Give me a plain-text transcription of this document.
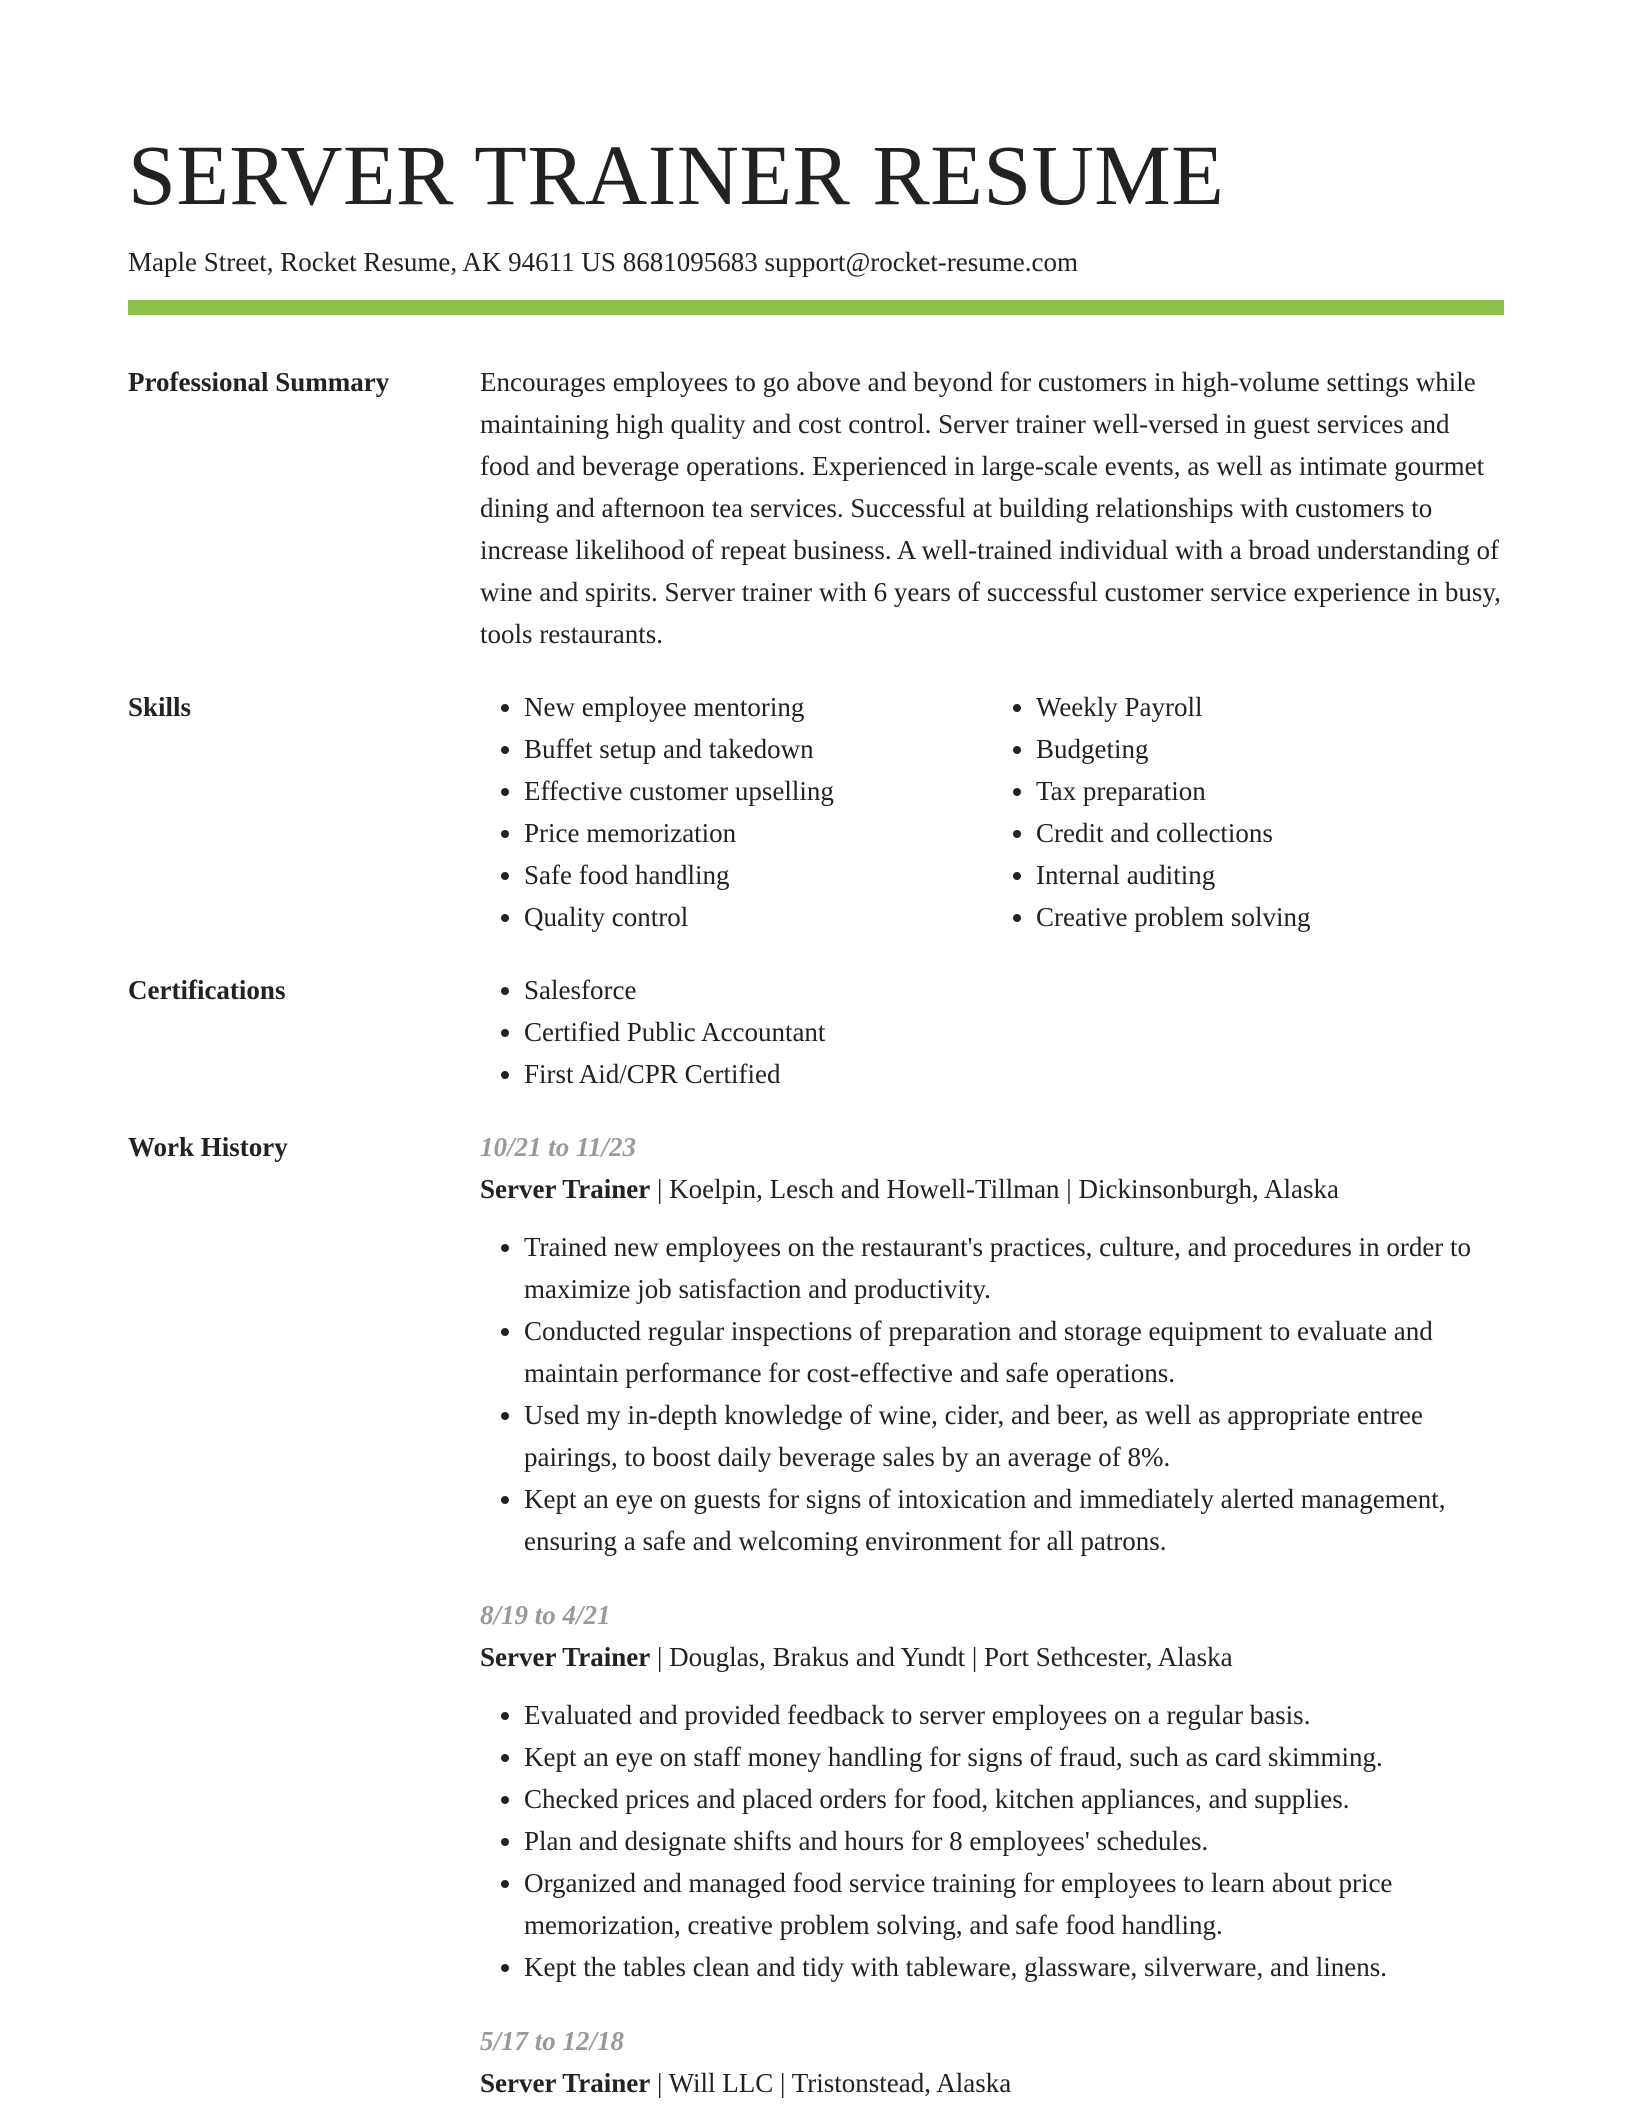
SERVER TRAINER RESUME
Maple Street, Rocket Resume, AK 94611 US 8681095683 support@rocket-resume.com
Professional Summary	Encourages employees to go above and beyond for customers in high-volume settings while maintaining high quality and cost control. Server trainer well-versed in guest services and food and beverage operations. Experienced in large-scale events, as well as intimate gourmet dining and afternoon tea services. Successful at building relationships with customers to increase likelihood of repeat business. A well-trained individual with a broad understanding of wine and spirits. Server trainer with 6 years of successful customer service experience in busy, tools restaurants.

Skills	• New employee mentoring
• Buffet setup and takedown
• Effective customer upselling
• Price memorization
• Safe food handling
• Quality control
• Weekly Payroll
• Budgeting
• Tax preparation
• Credit and collections
• Internal auditing
• Creative problem solving
Certifications	• Salesforce
• Certified Public Accountant
• First Aid/CPR Certified
Work History	10/21 to 11/23
Server Trainer | Koelpin, Lesch and Howell-Tillman | Dickinsonburgh, Alaska
• Trained new employees on the restaurant's practices, culture, and procedures in order to maximize job satisfaction and productivity.
• Conducted regular inspections of preparation and storage equipment to evaluate and maintain performance for cost-effective and safe operations.
• Used my in-depth knowledge of wine, cider, and beer, as well as appropriate entree pairings, to boost daily beverage sales by an average of 8%.
• Kept an eye on guests for signs of intoxication and immediately alerted management, ensuring a safe and welcoming environment for all patrons.
8/19 to 4/21
Server Trainer | Douglas, Brakus and Yundt | Port Sethcester, Alaska
• Evaluated and provided feedback to server employees on a regular basis.
• Kept an eye on staff money handling for signs of fraud, such as card skimming.
• Checked prices and placed orders for food, kitchen appliances, and supplies.
• Plan and designate shifts and hours for 8 employees' schedules.
• Organized and managed food service training for employees to learn about price memorization, creative problem solving, and safe food handling.
• Kept the tables clean and tidy with tableware, glassware, silverware, and linens.
5/17 to 12/18
Server Trainer | Will LLC | Tristonstead, Alaska
